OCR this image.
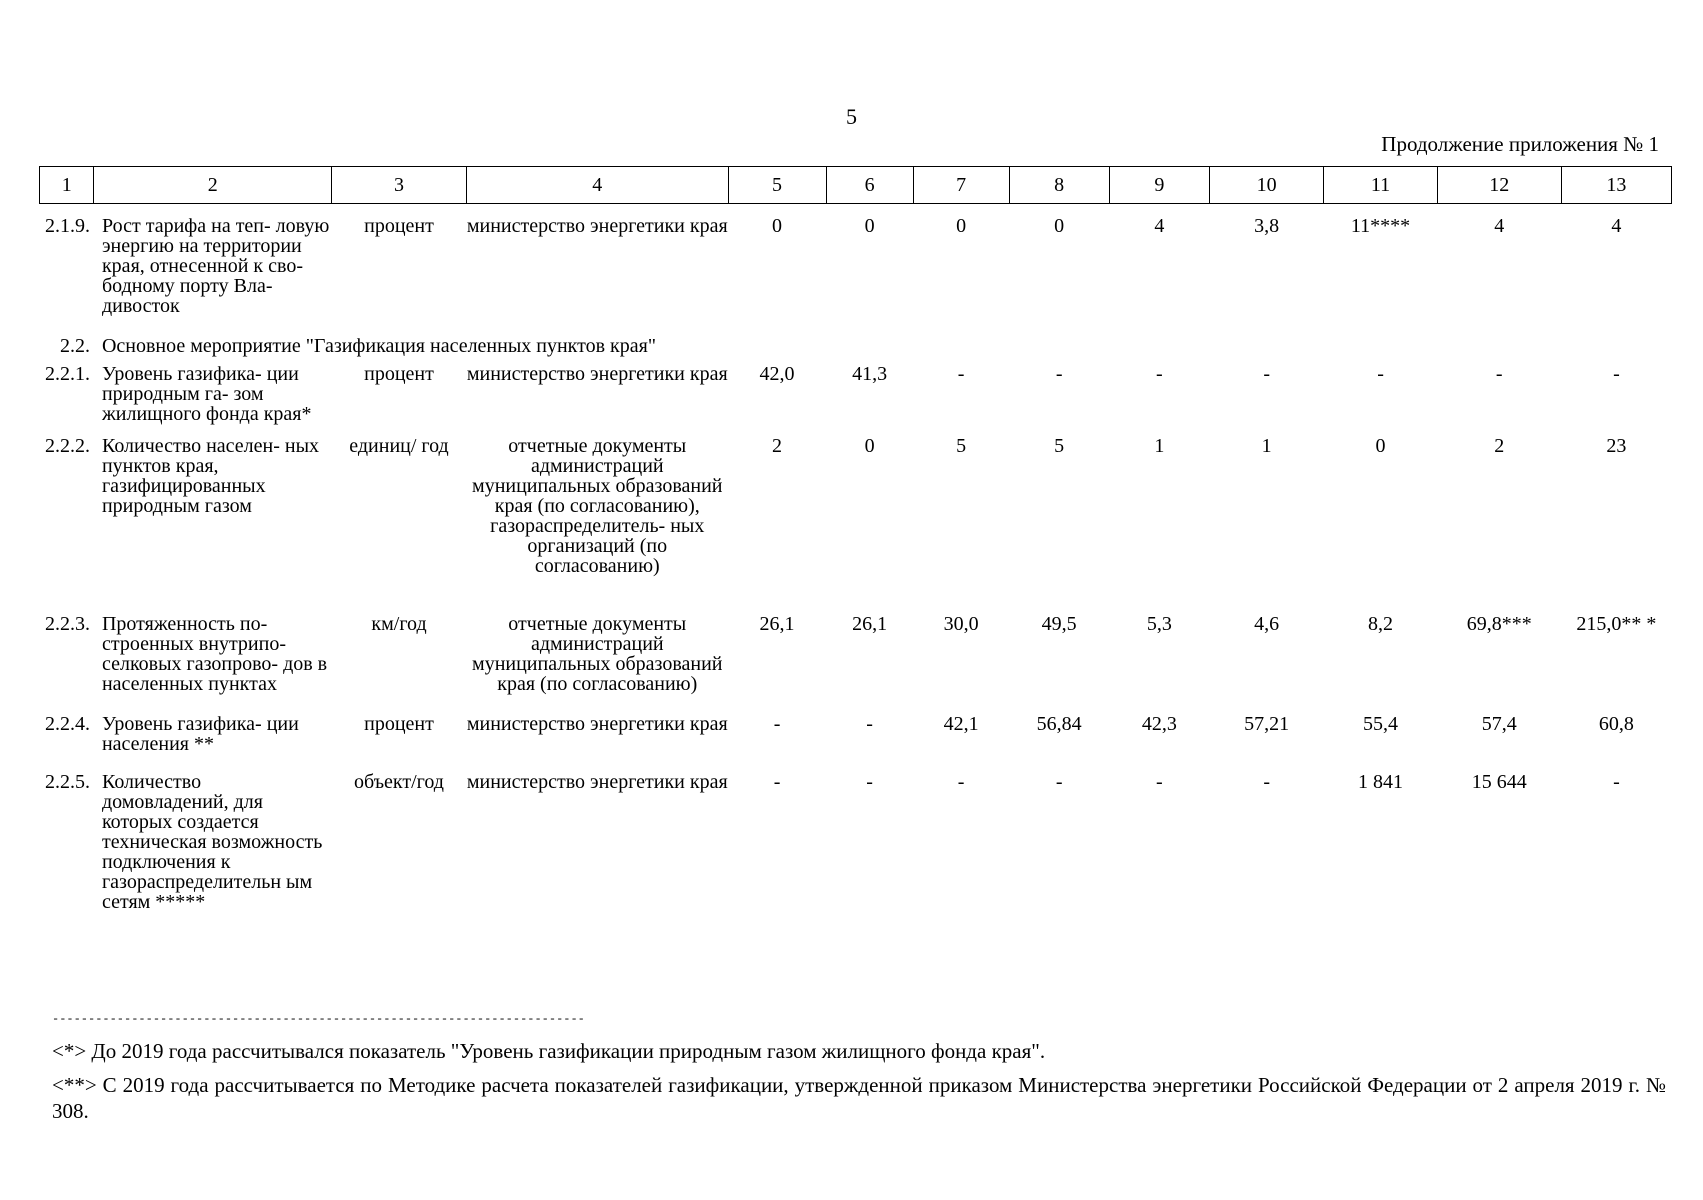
5
Продолжение приложения № 1
1	2	3	4	5	6	7	8	9	10	11	12	13
2.1.9.	Рост тарифа на теп- ловую энергию на территории края, отнесенной к сво- бодному порту Вла- дивосток	процент	министерство энергетики края	0	0	0	0	4	3,8	11****	4	4
2.2.	Основное мероприятие "Газификация населенных пунктов края"											
2.2.1.	Уровень газифика- ции природным га- зом жилищного фонда края*	процент	министерство энергетики края	42,0	41,3	-	-	-	-	-	-	-
2.2.2.	Количество населен- ных пунктов края, газифицированных природным газом	единиц/ год	отчетные документы администраций муниципальных образований края (по согласованию), газораспределитель- ных организаций (по согласованию)	2	0	5	5	1	1	0	2	23
2.2.3.	Протяженность по- строенных внутрипо- селковых газопрово- дов в населенных пунктах	км/год	отчетные документы администраций муниципальных образований края (по согласованию)	26,1	26,1	30,0	49,5	5,3	4,6	8,2	69,8***	215,0** *
2.2.4.	Уровень газифика- ции населения **	процент	министерство энергетики края	-	-	42,1	56,84	42,3	57,21	55,4	57,4	60,8
2.2.5.	Количество домовладений, для которых создается техническая возможность подключения к газораспределительн ым сетям *****	объект/год	министерство энергетики края	-	-	-	-	-	-	1 841	15 644	-
--------------------------------------------------------------------------

<*> До 2019 года рассчитывался показатель "Уровень газификации природным газом жилищного фонда края".

<**> С 2019 года рассчитывается по Методике расчета показателей газификации, утвержденной приказом Министерства энергетики Российской Федерации от 2 апреля 2019 г. № 308.
